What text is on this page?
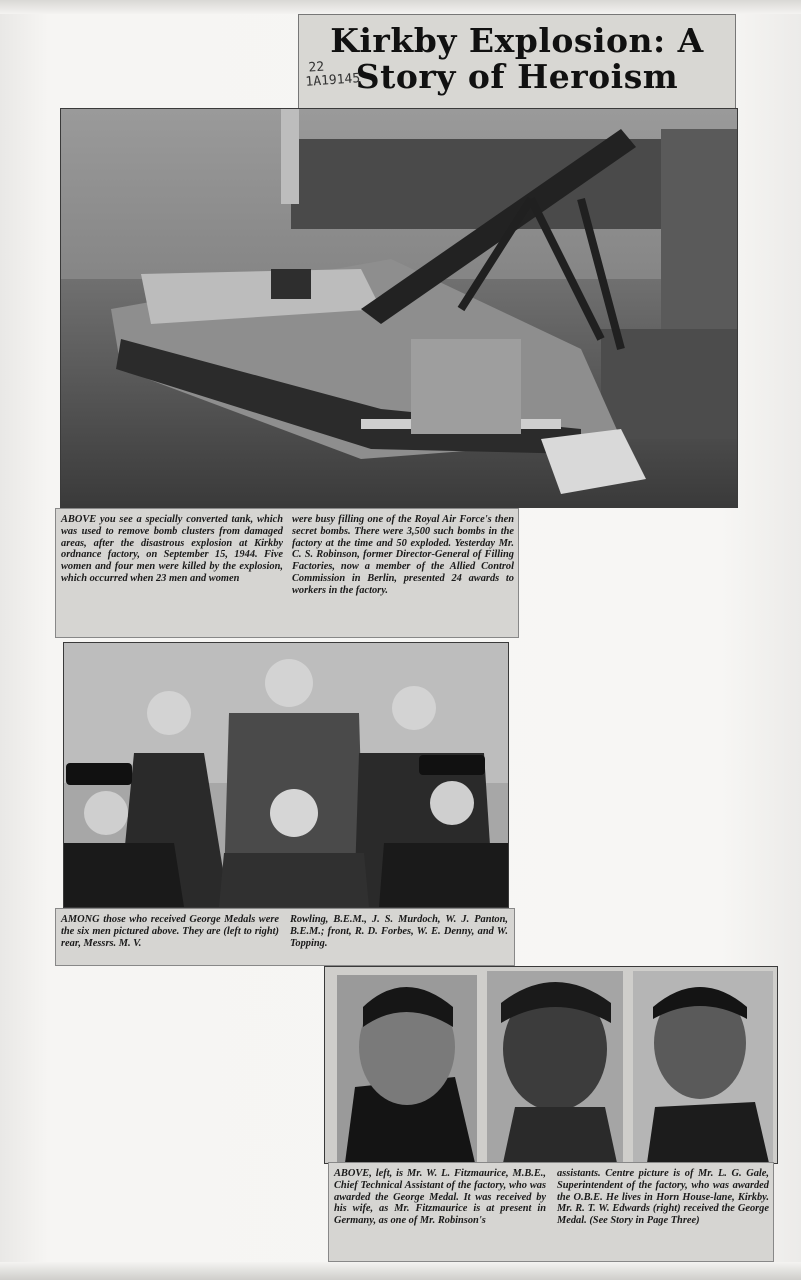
Kirkby Explosion: A
Story of Heroism
22
1A19145

ABOVE you see a specially converted tank, which was used to remove bomb clusters from damaged areas, after the disastrous explosion at Kirkby ordnance factory, on September 15, 1944. Five women and four men were killed by the explosion, which occurred when 23 men and women

were busy filling one of the Royal Air Force's then secret bombs. There were 3,500 such bombs in the factory at the time and 50 exploded. Yesterday Mr. C. S. Robinson, former Director-General of Filling Factories, now a member of the Allied Control Commission in Berlin, presented 24 awards to workers in the factory.

AMONG those who received George Medals were the six men pictured above. They are (left to right) rear, Messrs. M. V.

Rowling, B.E.M., J. S. Murdoch, W. J. Panton, B.E.M.; front, R. D. Forbes, W. E. Denny, and W. Topping.

ABOVE, left, is Mr. W. L. Fitzmaurice, M.B.E., Chief Technical Assistant of the factory, who was awarded the George Medal. It was received by his wife, as Mr. Fitzmaurice is at present in Germany, as one of Mr. Robinson's

assistants. Centre picture is of Mr. L. G. Gale, Superintendent of the factory, who was awarded the O.B.E. He lives in Horn House-lane, Kirkby. Mr. R. T. W. Edwards (right) received the George Medal. (See Story in Page Three)
